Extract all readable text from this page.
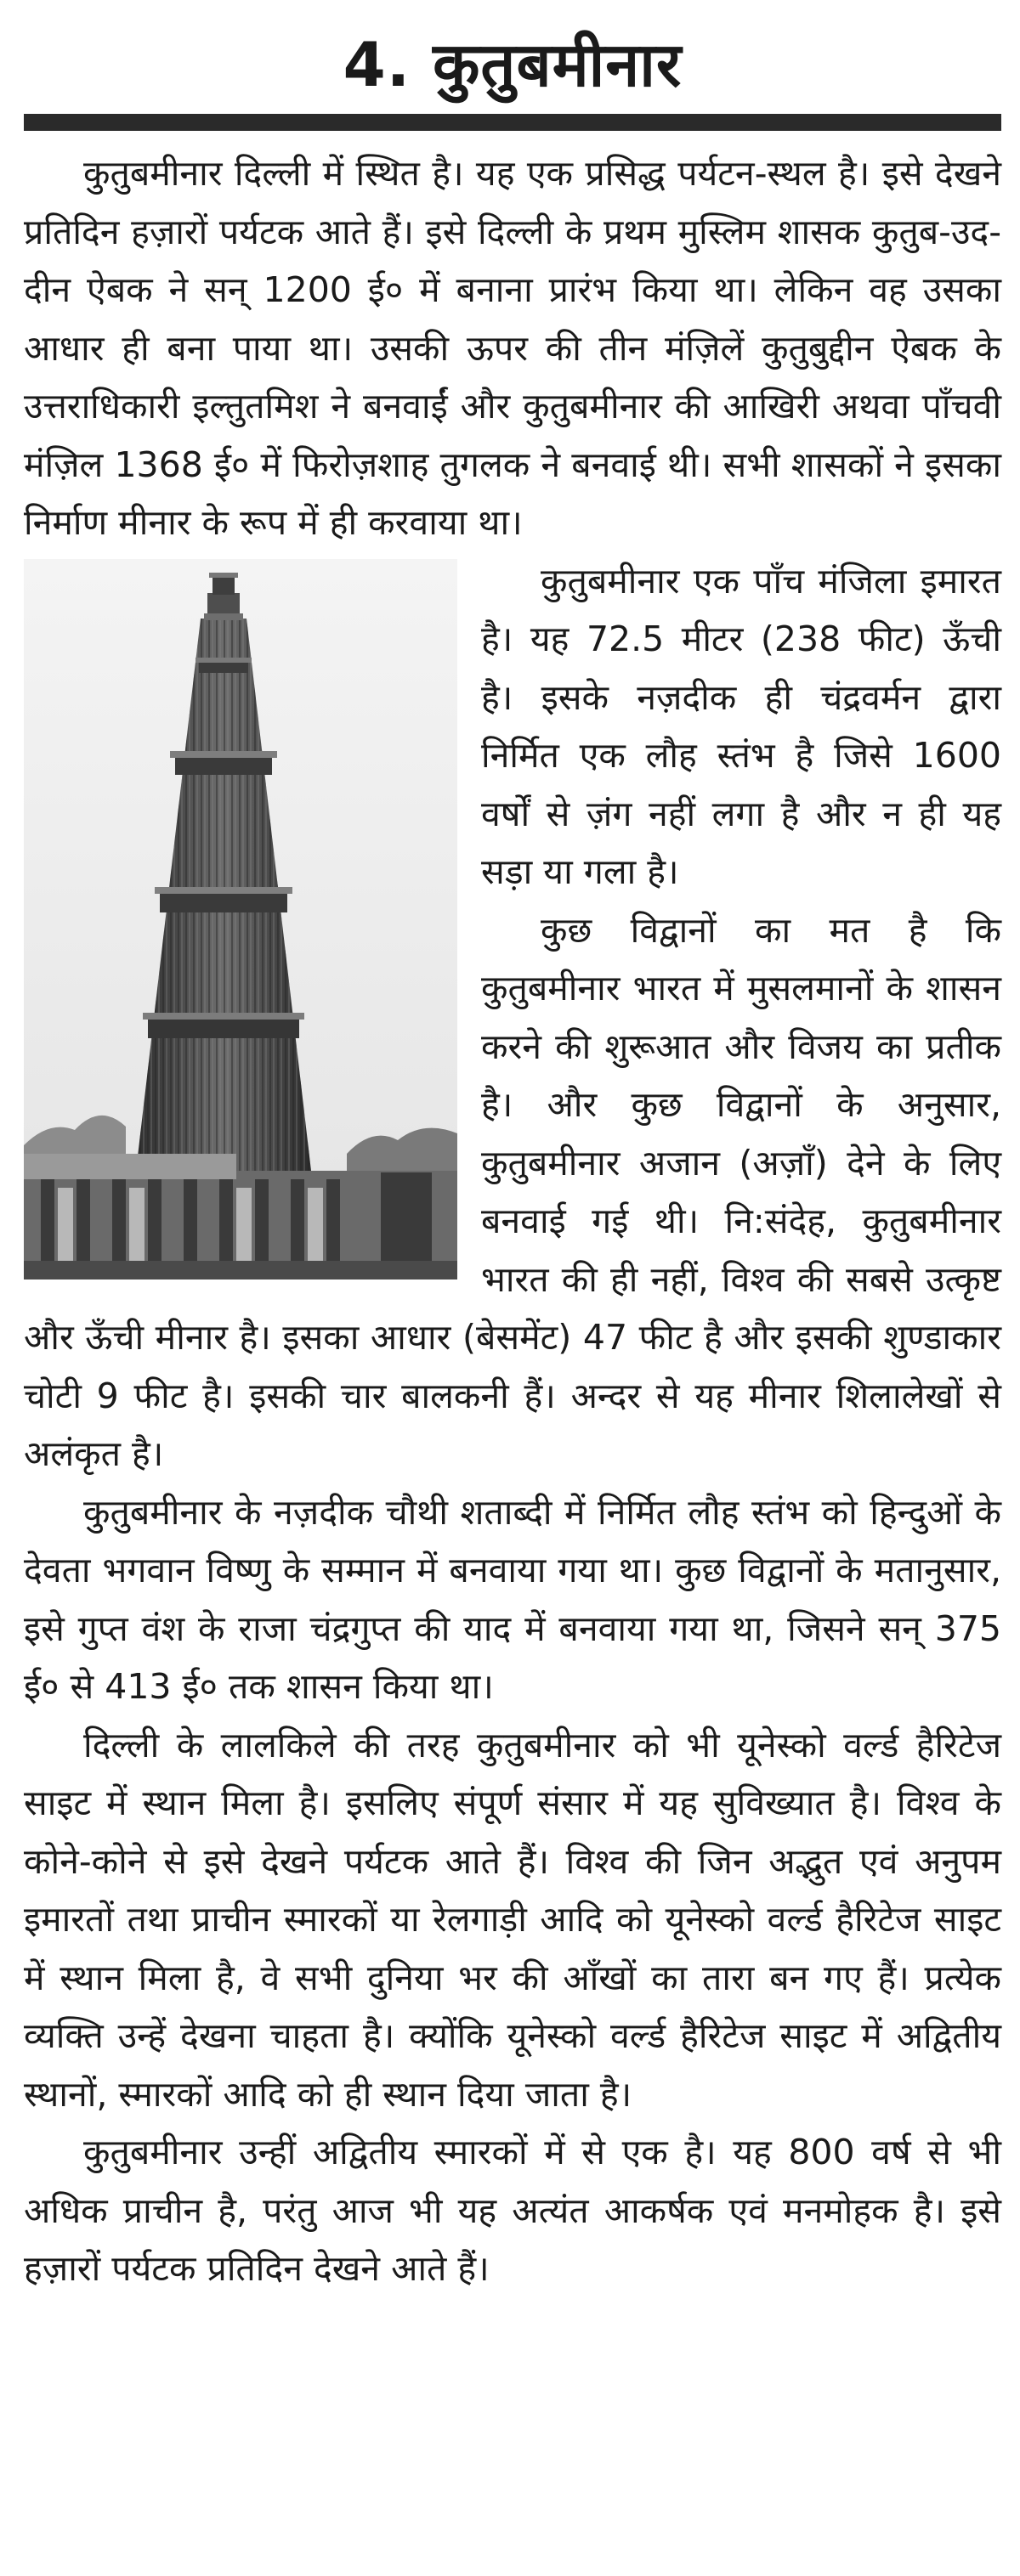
4. कुतुबमीनार

कुतुबमीनार दिल्ली में स्थित है। यह एक प्रसिद्ध पर्यटन-स्थल है। इसे देखने प्रतिदिन हज़ारों पर्यटक आते हैं। इसे दिल्ली के प्रथम मुस्लिम शासक कुतुब-उद-दीन ऐबक ने सन् 1200 ई० में बनाना प्रारंभ किया था। लेकिन वह उसका आधार ही बना पाया था। उसकी ऊपर की तीन मंज़िलें कुतुबुद्दीन ऐबक के उत्तराधिकारी इल्तुतमिश ने बनवाईं और कुतुबमीनार की आखिरी अथवा पाँचवी मंज़िल 1368 ई० में फिरोज़शाह तुगलक ने बनवाई थी। सभी शासकों ने इसका निर्माण मीनार के रूप में ही करवाया था।

कुतुबमीनार एक पाँच मंजिला इमारत है। यह 72.5 मीटर (238 फीट) ऊँची है। इसके नज़दीक ही चंद्रवर्मन द्वारा निर्मित एक लौह स्तंभ है जिसे 1600 वर्षों से ज़ंग नहीं लगा है और न ही यह सड़ा या गला है।

कुछ विद्वानों का मत है कि कुतुबमीनार भारत में मुसलमानों के शासन करने की शुरूआत और विजय का प्रतीक है। और कुछ विद्वानों के अनुसार, कुतुबमीनार अजान (अज़ाँ) देने के लिए बनवाई गई थी। नि:संदेह, कुतुबमीनार भारत की ही नहीं, विश्व की सबसे उत्कृष्ट और ऊँची मीनार है। इसका आधार (बेसमेंट) 47 फीट है और इसकी शुण्डाकार चोटी 9 फीट है। इसकी चार बालकनी हैं। अन्दर से यह मीनार शिलालेखों से अलंकृत है।

कुतुबमीनार के नज़दीक चौथी शताब्दी में निर्मित लौह स्तंभ को हिन्दुओं के देवता भगवान विष्णु के सम्मान में बनवाया गया था। कुछ विद्वानों के मतानुसार, इसे गुप्त वंश के राजा चंद्रगुप्त की याद में बनवाया गया था, जिसने सन् 375 ई० से 413 ई० तक शासन किया था।

दिल्ली के लालकिले की तरह कुतुबमीनार को भी यूनेस्को वर्ल्ड हैरिटेज साइट में स्थान मिला है। इसलिए संपूर्ण संसार में यह सुविख्यात है। विश्व के कोने-कोने से इसे देखने पर्यटक आते हैं। विश्व की जिन अद्भुत एवं अनुपम इमारतों तथा प्राचीन स्मारकों या रेलगाड़ी आदि को यूनेस्को वर्ल्ड हैरिटेज साइट में स्थान मिला है, वे सभी दुनिया भर की आँखों का तारा बन गए हैं। प्रत्येक व्यक्ति उन्हें देखना चाहता है। क्योंकि यूनेस्को वर्ल्ड हैरिटेज साइट में अद्वितीय स्थानों, स्मारकों आदि को ही स्थान दिया जाता है।

कुतुबमीनार उन्हीं अद्वितीय स्मारकों में से एक है। यह 800 वर्ष से भी अधिक प्राचीन है, परंतु आज भी यह अत्यंत आकर्षक एवं मनमोहक है। इसे हज़ारों पर्यटक प्रतिदिन देखने आते हैं।
